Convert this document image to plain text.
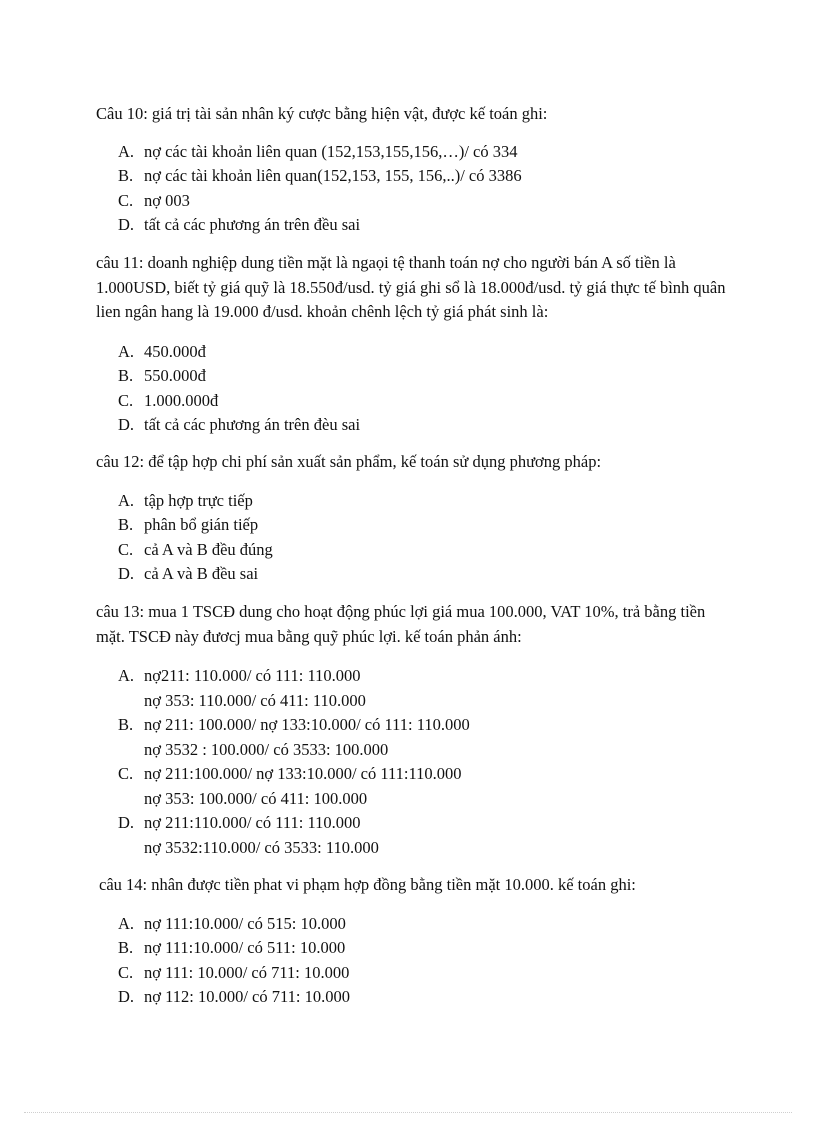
Câu 10: giá trị tài sản nhân ký cược bằng hiện vật, được kế toán ghi:

A. nợ các tài khoản liên quan (152,153,155,156,…)/ có 334
B. nợ các tài khoản liên quan(152,153, 155, 156,..)/ có 3386
C. nợ 003
D. tất cả các phương án trên đều sai

câu 11: doanh nghiệp dung tiền mặt là ngaọi tệ thanh toán nợ cho người bán A số tiền là 1.000USD, biết tỷ giá quỹ là 18.550đ/usd. tỷ giá ghi sổ là 18.000đ/usd. tỷ giá thực tế bình quân lien ngân hang là 19.000 đ/usd. khoản chênh lệch tỷ giá phát sinh là:

A. 450.000đ
B. 550.000đ
C. 1.000.000đ
D. tất cả các phương án trên đèu sai

câu 12: để tập hợp chi phí sản xuất sản phẩm, kế toán sử dụng phương pháp:

A. tập hợp trực tiếp
B. phân bổ gián tiếp
C. cả A và B đều đúng
D. cả A và B đều sai

câu 13: mua 1 TSCĐ dung cho hoạt động phúc lợi giá mua 100.000, VAT 10%, trả bằng tiền mặt. TSCĐ này đươcj mua bằng quỹ phúc lợi. kế toán phản ánh:

A. nợ211: 110.000/ có 111: 110.000
nợ 353: 110.000/ có 411: 110.000
B. nợ 211: 100.000/ nợ 133:10.000/ có 111: 110.000
nợ 3532 : 100.000/ có 3533: 100.000
C. nợ 211:100.000/ nợ 133:10.000/ có 111:110.000
nợ 353: 100.000/ có 411: 100.000
D. nợ 211:110.000/ có 111: 110.000
nợ 3532:110.000/ có 3533: 110.000

câu 14: nhân được tiền phat vi phạm hợp đồng bằng tiền mặt 10.000. kế toán ghi:

A. nợ 111:10.000/ có 515: 10.000
B. nợ 111:10.000/ có 511: 10.000
C. nợ 111: 10.000/ có 711: 10.000
D. nợ 112: 10.000/ có 711: 10.000
